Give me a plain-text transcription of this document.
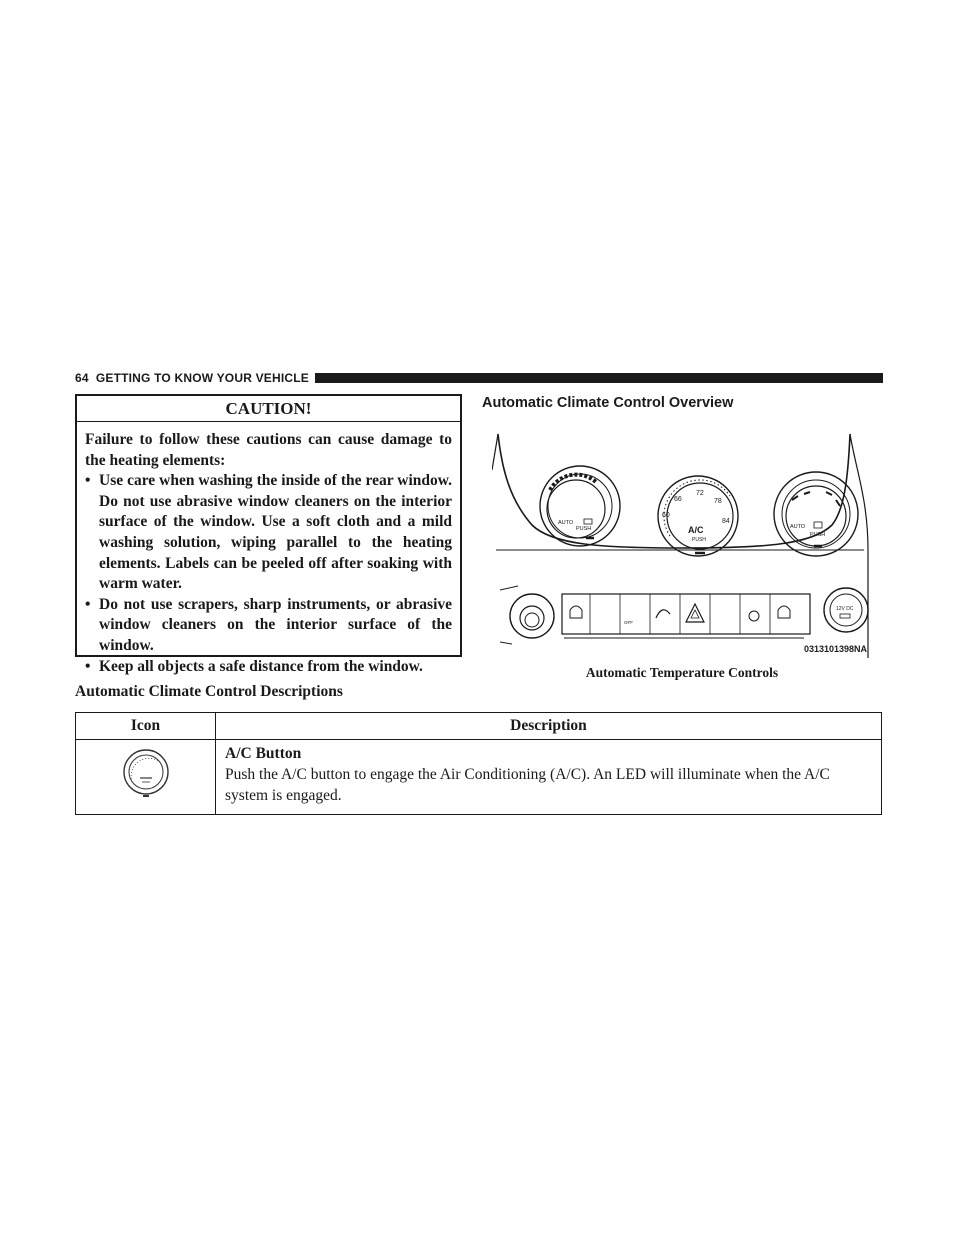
64 GETTING TO KNOW YOUR VEHICLE
CAUTION!
Failure to follow these cautions can cause damage to the heating elements:
• Use care when washing the inside of the rear window. Do not use abrasive window cleaners on the interior surface of the window. Use a soft cloth and a mild washing solution, wiping parallel to the heating elements. Labels can be peeled off after soaking with warm water.
• Do not use scrapers, sharp instruments, or abrasive window cleaners on the interior surface of the window.
• Keep all objects a safe distance from the window.
Automatic Climate Control Overview
AUTO
PUSH
60
66
72
78
84
A/C
PUSH
AUTO
PUSH
OFF
12V DC
0313101398NA
Automatic Temperature Controls
Automatic Climate Control Descriptions
Icon	Description

A/C Button
Push the A/C button to engage the Air Conditioning (A/C). An LED will illuminate when the A/C system is engaged.
